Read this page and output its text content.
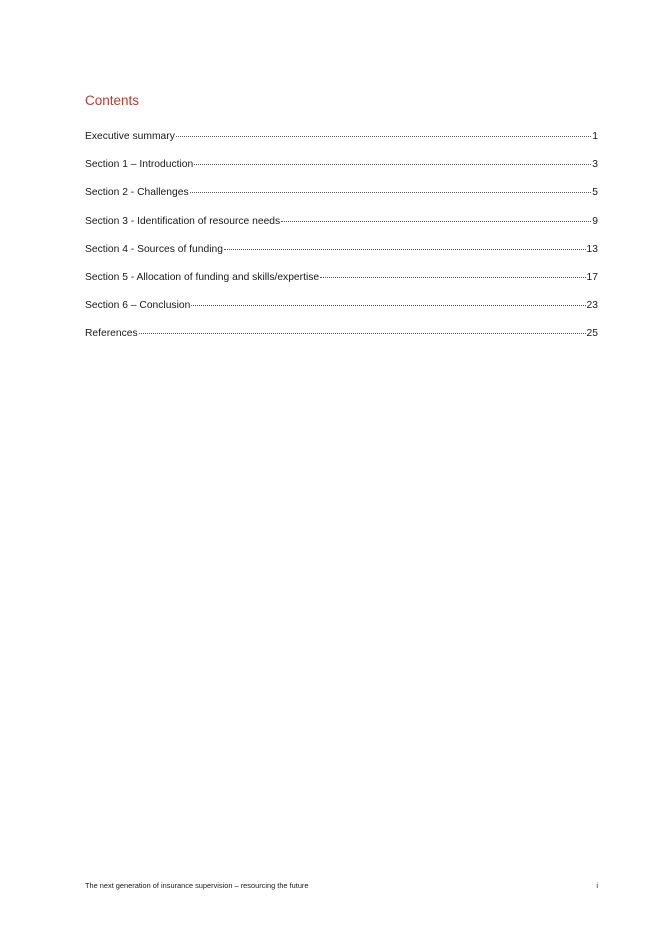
Contents
Executive summary	1
Section 1 – Introduction	3
Section 2 - Challenges	5
Section 3 - Identification of resource needs	9
Section 4 - Sources of funding	13
Section 5 - Allocation of funding and skills/expertise	17
Section 6 – Conclusion	23
References	25
The next generation of insurance supervision – resourcing the future	i
